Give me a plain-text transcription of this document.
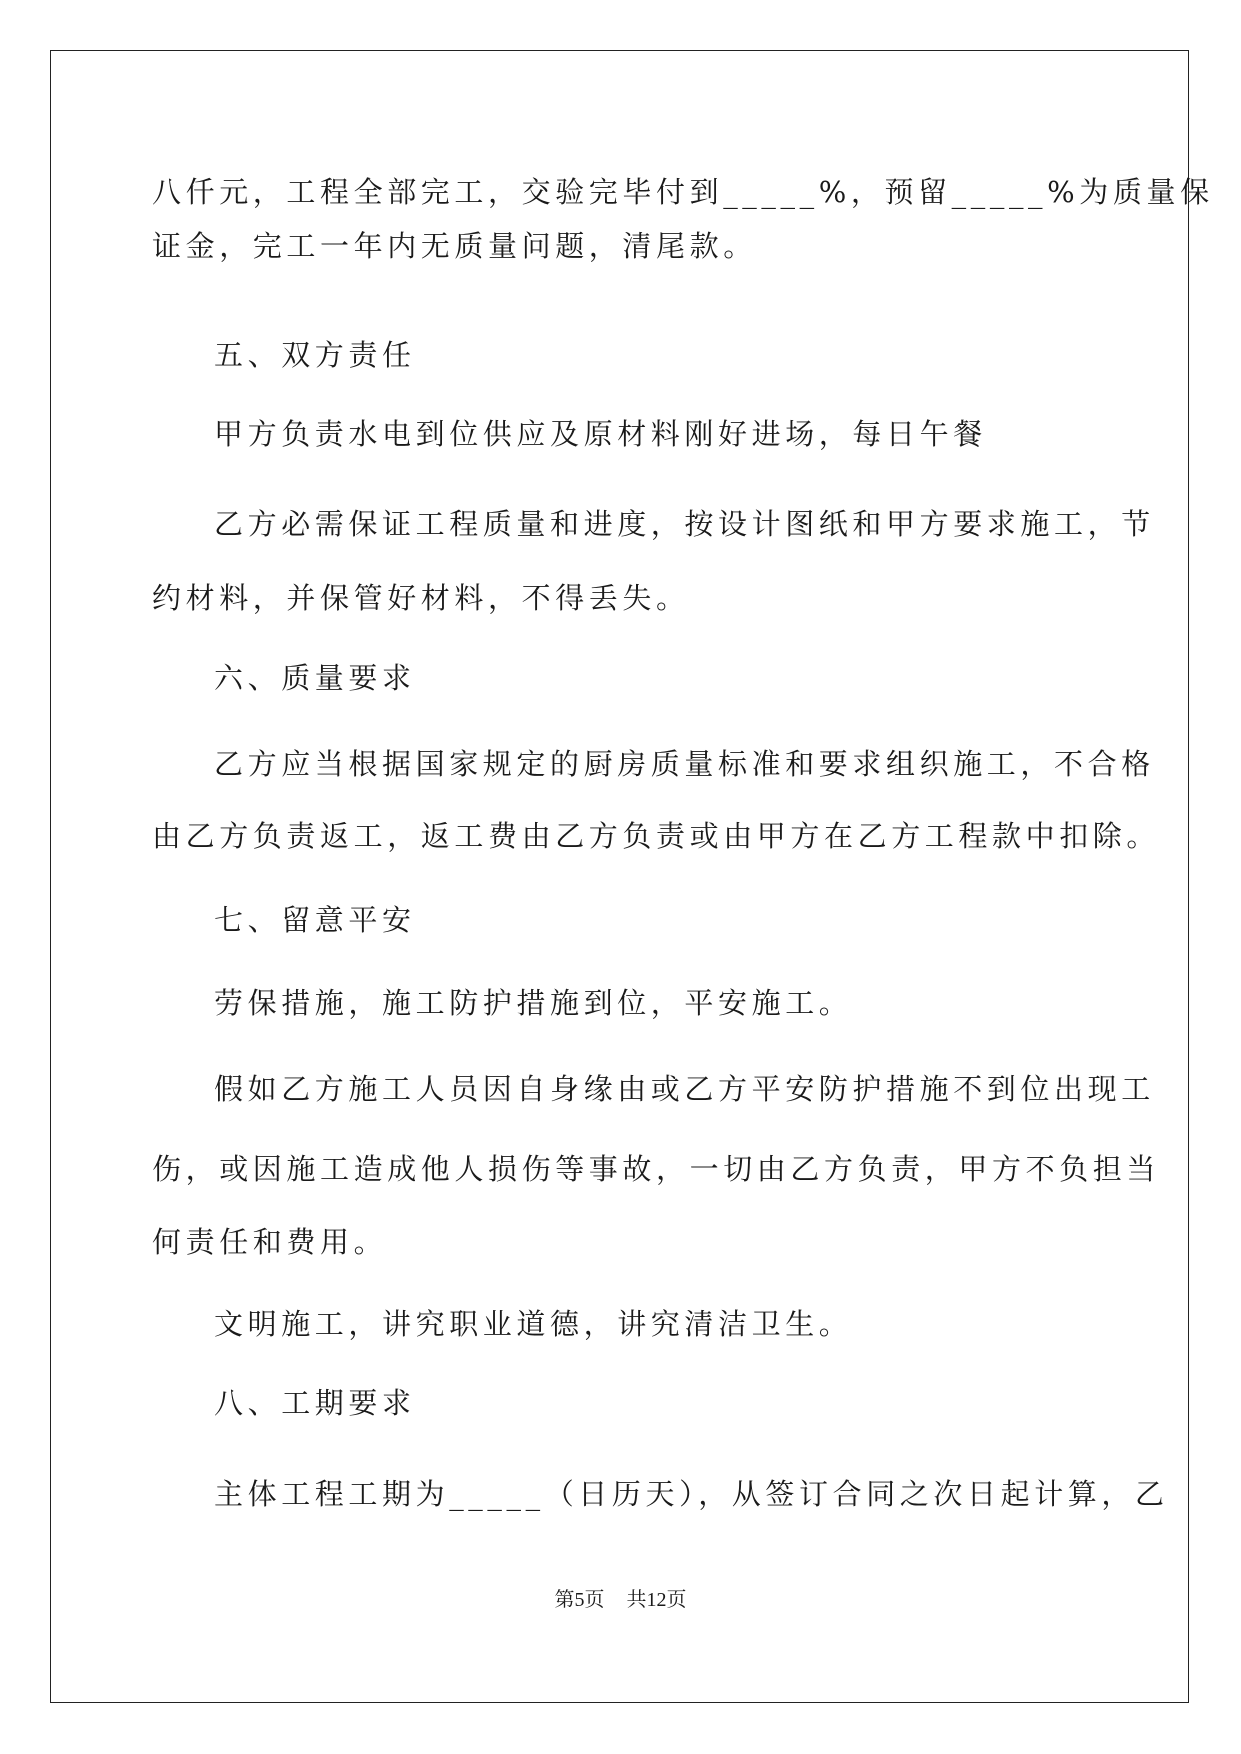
八仟元，工程全部完工，交验完毕付到_____%，预留_____%为质量保
证金，完工一年内无质量问题，清尾款。
五、双方责任
甲方负责水电到位供应及原材料刚好进场，每日午餐
乙方必需保证工程质量和进度，按设计图纸和甲方要求施工，节
约材料，并保管好材料，不得丢失。
六、质量要求
乙方应当根据国家规定的厨房质量标准和要求组织施工，不合格
由乙方负责返工，返工费由乙方负责或由甲方在乙方工程款中扣除。
七、留意平安
劳保措施，施工防护措施到位，平安施工。
假如乙方施工人员因自身缘由或乙方平安防护措施不到位出现工
伤，或因施工造成他人损伤等事故，一切由乙方负责，甲方不负担当
何责任和费用。
文明施工，讲究职业道德，讲究清洁卫生。
八、工期要求
主体工程工期为_____（日历天），从签订合同之次日起计算，乙
第5页 共12页
